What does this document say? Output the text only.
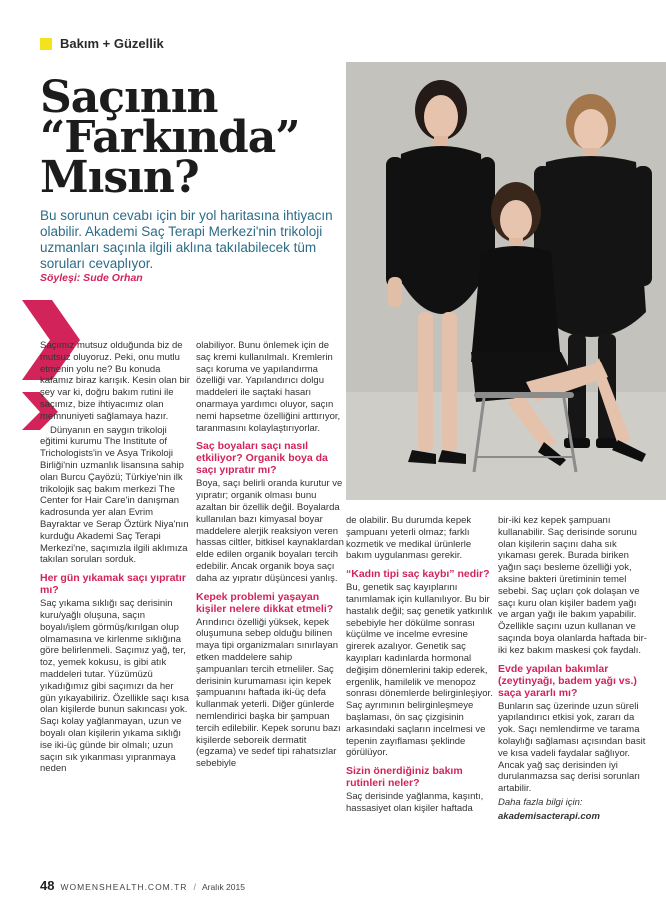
Bakım + Güzellik
Saçının
“Farkında”
Mısın?
Bu sorunun cevabı için bir yol haritasına ihtiyacın olabilir. Akademi Saç Terapi Merkezi'nin trikoloji uzmanları saçınla ilgili aklına takılabilecek tüm soruları cevaplıyor.
Söyleşi: Sude Orhan

Saçımız mutsuz olduğunda biz de mutsuz oluyoruz. Peki, onu mutlu etmenin yolu ne? Bu konuda kafamız biraz karışık. Kesin olan bir şey var ki, doğru bakım rutini ile saçımız, bize ihtiyacımız olan memnuniyeti sağlamaya hazır.

Dünyanın en saygın trikoloji eğitimi kurumu The Institute of Trichologists'in ve Asya Trikoloji Birliği'nin uzmanlık lisansına sahip olan Burcu Çayözü; Türkiye'nin ilk trikolojik saç bakım merkezi The Center for Hair Care'in danışman kadrosunda yer alan Evrim Bayraktar ve Serap Öztürk Niya'nın kurduğu Akademi Saç Terapi Merkezi'ne, saçımızla ilgili aklımıza takılan soruları sorduk.

Her gün yıkamak saçı yıpratır mı?

Saç yıkama sıklığı saç derisinin kuru/yağlı oluşuna, saçın boyalı/işlem görmüş/kırılgan olup olmamasına ve kirlenme sıklığına göre belirlenmeli. Saçımız yağ, ter, toz, yemek kokusu, is gibi atık maddeleri tutar. Yüzümüzü yıkadığımız gibi saçımızı da her gün yıkayabiliriz. Özellikle saçı kısa olan kişilerde bunun sakıncası yok. Saçı kolay yağlanmayan, uzun ve boyalı olan kişilerin yıkama sıklığı ise iki-üç günde bir olmalı; uzun saçın sık yıkanması yıpranmaya neden

olabiliyor. Bunu önlemek için de saç kremi kullanılmalı. Kremlerin saçı koruma ve yapılandırma özelliği var. Yapılandırıcı dolgu maddeleri ile saçtaki hasarı onarmaya yardımcı oluyor, saçın nemi hapsetme özelliğini arttırıyor, taranmasını kolaylaştırıyorlar.

Saç boyaları saçı nasıl etkiliyor? Organik boya da saçı yıpratır mı?

Boya, saçı belirli oranda kurutur ve yıpratır; organik olması bunu azaltan bir özellik değil. Boyalarda kullanılan bazı kimyasal boyar maddelere alerjik reaksiyon veren hassas ciltler, bitkisel kaynaklardan elde edilen organik boyaları tercih edebilir. Ancak organik boya saçı daha az yıpratır düşüncesi yanlış.

Kepek problemi yaşayan kişiler nelere dikkat etmeli?

Arındırıcı özelliği yüksek, kepek oluşumuna sebep olduğu bilinen maya tipi organizmaları sınırlayan etken maddelere sahip şampuanları tercih etmeliler. Saç derisinin kurumaması için kepek şampuanını haftada iki-üç defa kullanmak yeterli. Diğer günlerde nemlendirici başka bir şampuan tercih edilebilir. Kepek sorunu bazı kişilerde seboreik dermatit (egzama) ve sedef tipi rahatsızlar sebebiyle

de olabilir. Bu durumda kepek şampuanı yeterli olmaz; farklı kozmetik ve medikal ürünlerle bakım uygulanması gerekir.

“Kadın tipi saç kaybı” nedir?

Bu, genetik saç kayıplarını tanımlamak için kullanılıyor. Bu bir hastalık değil; saç genetik yatkınlık sebebiyle her dökülme sonrası küçülme ve incelme evresine girerek azalıyor. Genetik saç kayıpları kadınlarda hormonal değişim dönemlerini takip ederek, ergenlik, hamilelik ve menopoz sonrası dönemlerde belirginleşiyor. Saç ayrımının belirginleşmeye başlaması, ön saç çizgisinin arkasındaki saçların incelmesi ve tepenin zayıflaması şeklinde görülüyor.

Sizin önerdiğiniz bakım rutinleri neler?

Saç derisinde yağlanma, kaşıntı, hassasiyet olan kişiler haftada

bir-iki kez kepek şampuanı kullanabilir. Saç derisinde sorunu olan kişilerin saçını daha sık yıkaması gerek. Burada biriken yağın saçı besleme özelliği yok, aksine bakteri üretiminin temel sebebi. Saç uçları çok dolaşan ve saçı kuru olan kişiler badem yağı ve argan yağı ile bakım yapabilir. Özellikle saçını uzun kullanan ve saçında boya olanlarda haftada bir-iki kez bakım maskesi çok faydalı.

Evde yapılan bakımlar (zeytinyağı, badem yağı vs.) saça yararlı mı?

Bunların saç üzerinde uzun süreli yapılandırıcı etkisi yok, zararı da yok. Saçı nemlendirme ve tarama kolaylığı sağlaması açısından basit ve kısa vadeli faydalar sağlıyor. Ancak yağ saç derisinden iyi durulanmazsa saç derisi sorunları artabilir.

Daha fazla bilgi için:

akademisacterapi.com

48 WOMENSHEALTH.COM.TR / Aralık 2015
